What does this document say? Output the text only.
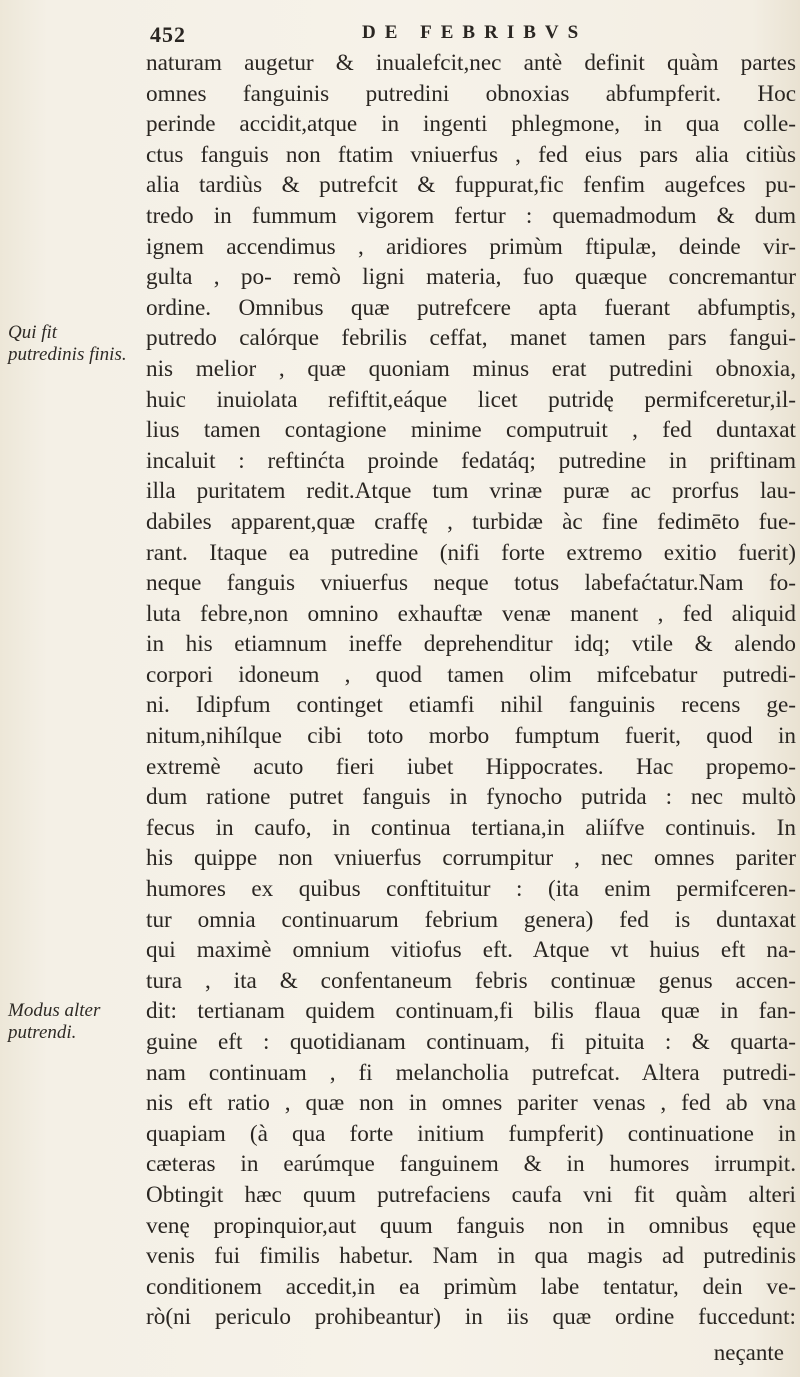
452	DE FEBRIBVS
Qui fit putredinis finis.
Modus alter putrendi.
naturam augetur & inualefcit,nec antè definit quàm partes
omnes fanguinis putredini obnoxias abfumpferit. Hoc
perinde accidit,atque in ingenti phlegmone, in qua colle-
ctus fanguis non ftatim vniuerfus , fed eius pars alia citiùs
alia tardiùs & putrefcit & fuppurat,fic fenfim augefces pu-
tredo in fummum vigorem fertur : quemadmodum & dum
ignem accendimus , aridiores primùm ftipulæ, deinde vir-
gulta , po- remò ligni materia, fuo quæque concremantur
ordine. Omnibus quæ putrefcere apta fuerant abfumptis,
putredo calórque febrilis ceffat, manet tamen pars fangui-
nis melior , quæ quoniam minus erat putredini obnoxia,
huic inuiolata refiftit,eáque licet putridę permifceretur,il-
lius tamen contagione minime computruit , fed duntaxat
incaluit : reftinćta proinde fedatáq; putredine in priftinam
illa puritatem redit.Atque tum vrinæ puræ ac prorfus lau-
dabiles apparent,quæ craffę , turbidæ àc fine fedimēto fue-
rant. Itaque ea putredine (nifi forte extremo exitio fuerit)
neque fanguis vniuerfus neque totus labefaćtatur.Nam fo-
luta febre,non omnino exhauftæ venæ manent , fed aliquid
in his etiamnum ineffe deprehenditur idq; vtile & alendo
corpori idoneum , quod tamen olim mifcebatur putredi-
ni. Idipfum continget etiamfi nihil fanguinis recens ge-
nitum,nihílque cibi toto morbo fumptum fuerit, quod in
extremè acuto fieri iubet Hippocrates. Hac propemo-
dum ratione putret fanguis in fynocho putrida : nec multò
fecus in caufo, in continua tertiana,in aliífve continuis. In
his quippe non vniuerfus corrumpitur , nec omnes pariter
humores ex quibus conftituitur : (ita enim permifceren-
tur omnia continuarum febrium genera) fed is duntaxat
qui maximè omnium vitiofus eft. Atque vt huius eft na-
tura , ita & confentaneum febris continuæ genus accen-
dit: tertianam quidem continuam,fi bilis flaua quæ in fan-
guine eft : quotidianam continuam, fi pituita : & quarta-
nam continuam , fi melancholia putrefcat. Altera putredi-
nis eft ratio , quæ non in omnes pariter venas , fed ab vna
quapiam (à qua forte initium fumpferit) continuatione in
cæteras in earúmque fanguinem & in humores irrumpit.
Obtingit hæc quum putrefaciens caufa vni fit quàm alteri
venę propinquior,aut quum fanguis non in omnibus ęque
venis fui fimilis habetur. Nam in qua magis ad putredinis
conditionem accedit,in ea primùm labe tentatur, dein ve-
rò(ni periculo prohibeantur) in iis quæ ordine fuccedunt:
neçante
